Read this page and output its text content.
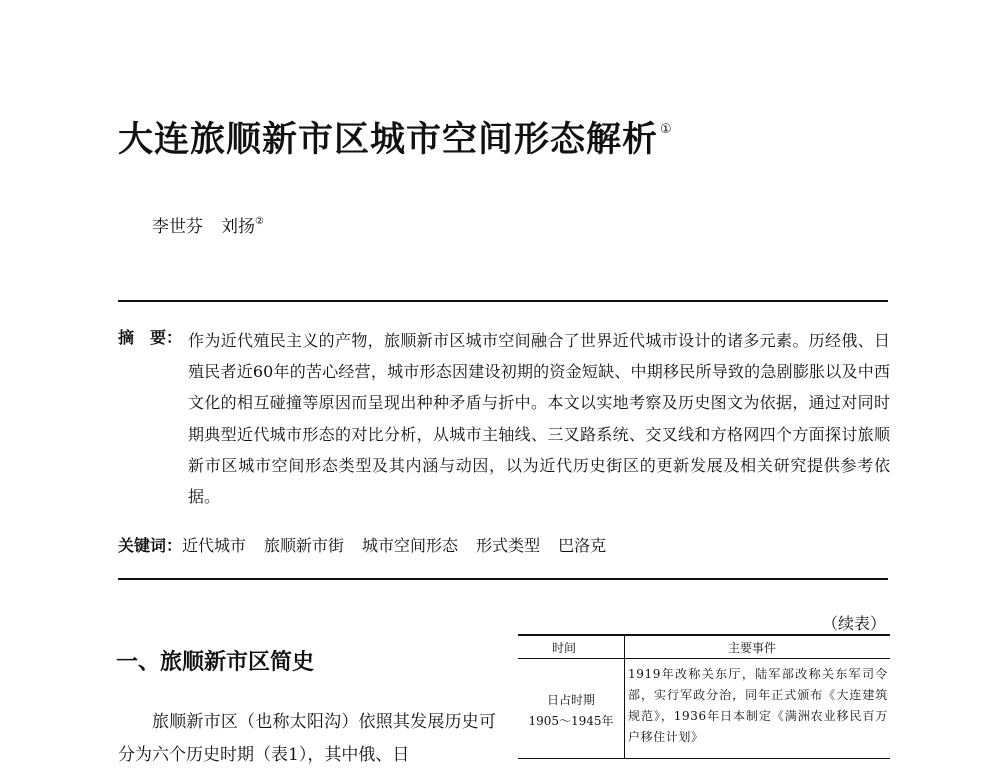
大连旅顺新市区城市空间形态解析 ①
李世芬 刘扬②
摘　要： 作为近代殖民主义的产物，旅顺新市区城市空间融合了世界近代城市设计的诸多元素。历经俄、日殖民者近60年的苦心经营，城市形态因建设初期的资金短缺、中期移民所导致的急剧膨胀以及中西文化的相互碰撞等原因而呈现出种种矛盾与折中。本文以实地考察及历史图文为依据，通过对同时期典型近代城市形态的对比分析，从城市主轴线、三叉路系统、交叉线和方格网四个方面探讨旅顺新市区城市空间形态类型及其内涵与动因，以为近代历史街区的更新发展及相关研究提供参考依据。
关键词：近代城市 旅顺新市街 城市空间形态 形式类型 巴洛克
一、旅顺新市区简史
旅顺新市区（也称太阳沟）依照其发展历史可分为六个历史时期（表1），其中俄、日
（续表）
时间	主要事件
日占时期
1905～1945年
1919年改称关东厅，陆军部改称关东军司令部，实行军政分治，同年正式颁布《大连建筑规范》，1936年日本制定《满洲农业移民百万户移住计划》
